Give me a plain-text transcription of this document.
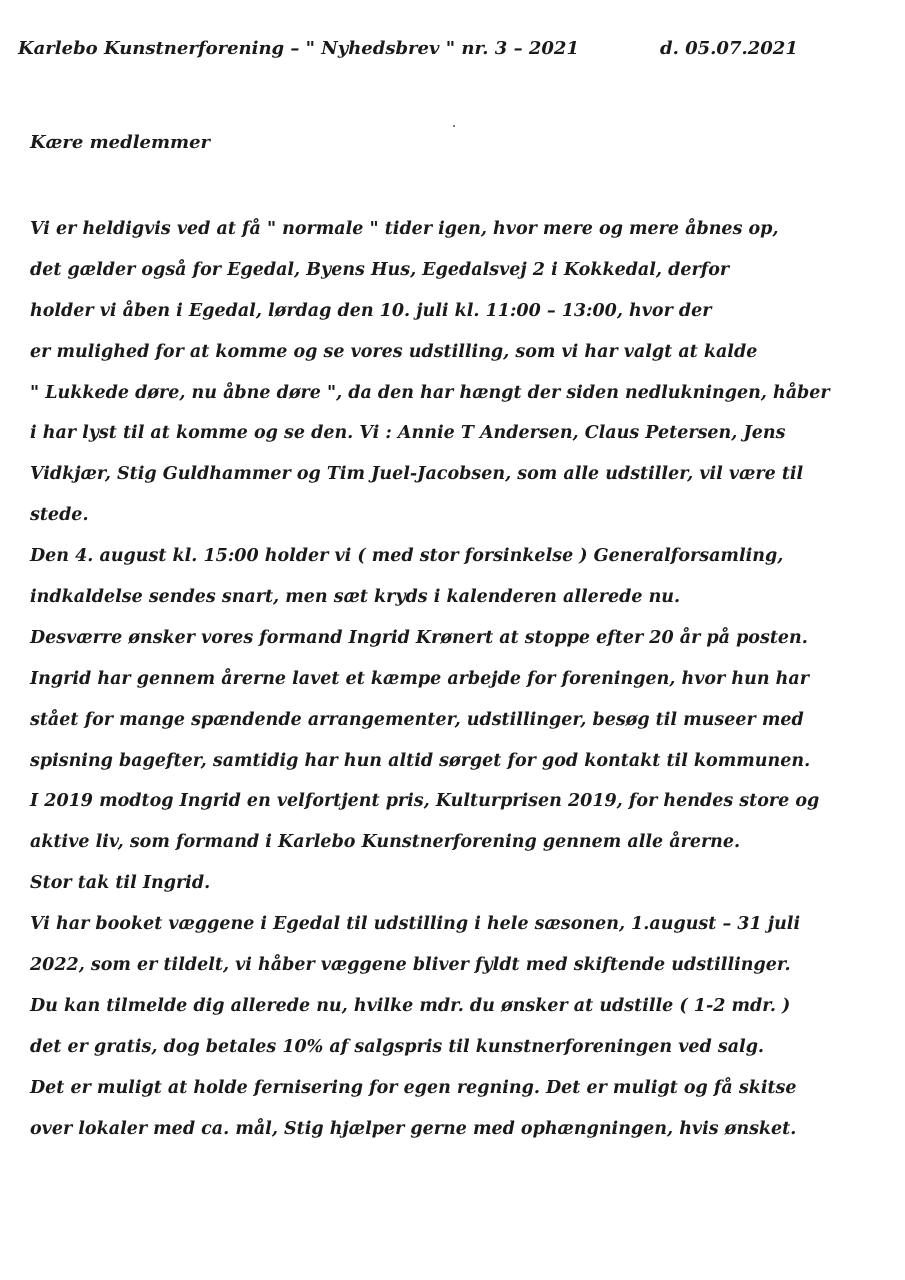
Karlebo Kunstnerforening – " Nyhedsbrev " nr. 3 – 2021	d. 05.07.2021
Kære medlemmer
Vi er heldigvis ved at få " normale " tider igen, hvor mere og mere åbnes op,
det gælder også for Egedal, Byens Hus, Egedalsvej 2 i Kokkedal, derfor
holder vi åben i Egedal, lørdag den 10. juli kl. 11:00 – 13:00, hvor der
er mulighed for at komme og se vores udstilling, som vi har valgt at kalde
" Lukkede døre, nu åbne døre ", da den har hængt der siden nedlukningen, håber
i har lyst til at komme og se den. Vi : Annie T Andersen, Claus Petersen, Jens
Vidkjær, Stig Guldhammer og Tim Juel-Jacobsen, som alle udstiller, vil være til
stede.
Den 4. august kl. 15:00 holder vi ( med stor forsinkelse ) Generalforsamling,
indkaldelse sendes snart, men sæt kryds i kalenderen allerede nu.
Desværre ønsker vores formand Ingrid Krønert at stoppe efter 20 år på posten.
Ingrid har gennem årerne lavet et kæmpe arbejde for foreningen, hvor hun har
stået for mange spændende arrangementer, udstillinger, besøg til museer med
spisning bagefter, samtidig har hun altid sørget for god kontakt til kommunen.
I 2019 modtog Ingrid en velfortjent pris, Kulturprisen 2019, for hendes store og
aktive liv, som formand i Karlebo Kunstnerforening gennem alle årerne.
Stor tak til Ingrid.
Vi har booket væggene i Egedal til udstilling i hele sæsonen, 1.august – 31 juli
2022, som er tildelt, vi håber væggene bliver fyldt med skiftende udstillinger.
Du kan tilmelde dig allerede nu, hvilke mdr. du ønsker at udstille ( 1-2 mdr. )
det er gratis, dog betales 10% af salgspris til kunstnerforeningen ved salg.
Det er muligt at holde fernisering for egen regning. Det er muligt og få skitse
over lokaler med ca. mål, Stig hjælper gerne med ophængningen, hvis ønsket.
